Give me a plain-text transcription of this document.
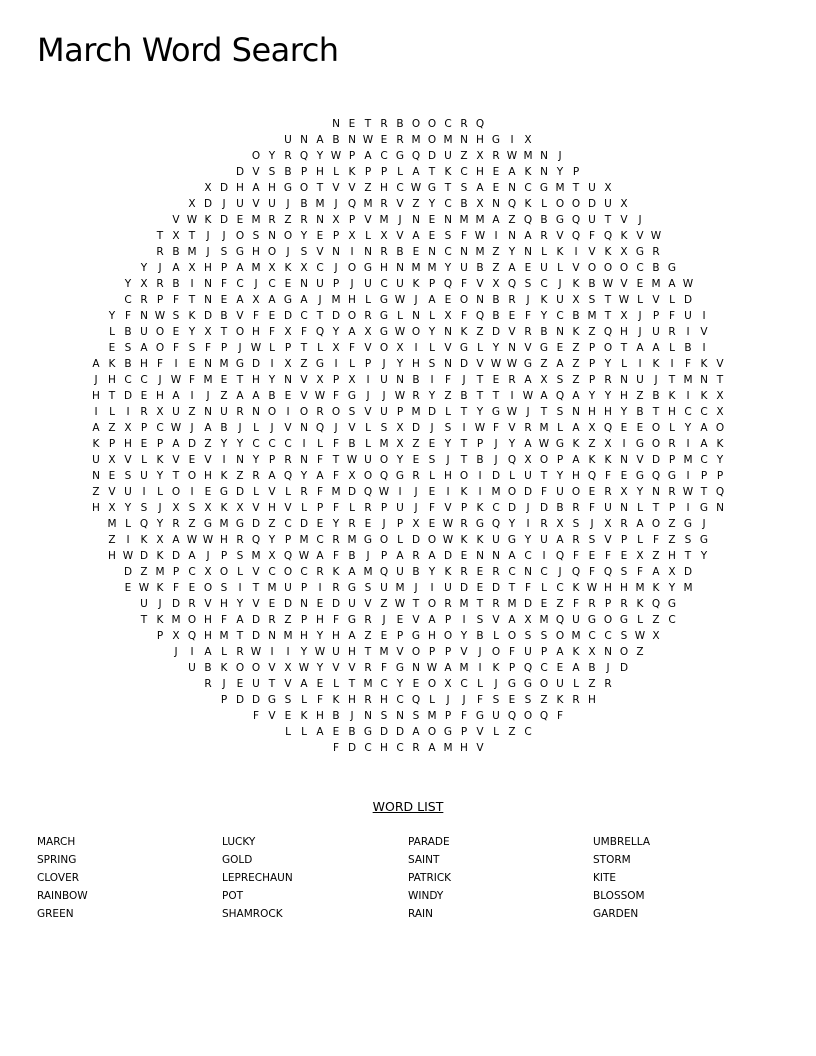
March Word Search
N E T R B O O C R Q
U N A B N W E R M O M N H G I	X
O Y R Q Y W P A C G Q D U Z X R W M N	J
D V S B P H L K P P L A T K C H E A K N Y P
X D H A H G O T V V Z H C W G T S A E N C G M T U X
X D J	U V U	J	B M J Q M R V Z Y C B X N Q K L O O D U X
V W K D E M R Z R N X P V M J	N E N M M A Z Q B G Q U T V	J
T X T	J	J O S N O Y E P X L X V A E S F W I	N A R V Q F Q K V W
R B M J	S G H O J	S V N	I	N R B E N C N M Z Y N L K	I	V K X G R
Y	J	A X H P A M X K X C	J O G H N M M Y U B Z A E U L V O O O C B G
Y X R B	I	N F C	J	C E N U P	J	U C U K P Q F V X Q S C	J	K B W V E M A W
C R P F T N E A X A G A	J M H L G W J	A E O N B R	J	K U X S T W L V L D
Y F N W S K D B V F E D C T D O R G L N L X F Q B E F Y C B M T X	J	P F U	I
L B U O E Y X T O H F X F Q Y A X G W O Y N K Z D V R B N K Z Q H J	U R	I	V
E S A O F S F P	J W L P T L X F V O X	I	L V G L Y N V G E Z P O T A A L B	I
A K B H F	I	E N M G D I	X Z G I	L P	J	Y H S N D V W W G Z A Z P Y L	I	K	I	F K V
J	H C C	J W F M E T H Y N V X P X	I	U N B	I	F	J	T E R A X S Z P R N U	J	T M N T
H T D E H A	I	J	Z A A B E V W F G J	J W R Y Z B T T	I W A Q A Y Y H Z B K	I	K X
I	L	I	R X U Z N U R N O I O R O S V U P M D L T Y G W J	T S N H H Y B T H C C X
A Z X P C W J	A B	J	L	J	V N Q J	V L S X D J	S	I W F V R M L A X Q E E O L Y A O
K P H E P A D Z Y Y C C C	I	L F B L M X Z E Y T P	J	Y A W G K Z X	I G O R	I	A K
U X V L K V E V	I	N Y P R N F T W U O Y E S	J	T B	J Q X O P A K K N V D P M C Y
N E S U Y T O H K Z R A Q Y A F X O Q G R L H O I D L U T Y H Q F E G Q G I	P P
Z V U	I	L O I	E G D L V L R F M D Q W I	J	E	I	K	I M O D F U O E R X Y N R W T Q
H X Y S	J	X S X K X V H V L P F L R P U	J	F V P K C D J D B R F U N L T P	I G N
M L Q Y R Z G M G D Z C D E Y R E	J	P X E W R G Q Y	I	R X S	J	X R A O Z G J
Z	I	K X A W W H R Q Y P M C R M G O L D O W K K U G Y U A R S V P L F Z S G
H W D K D A	J	P S M X Q W A F B	J	P A R A D E N N A C	I Q F E F E X Z H T Y
D Z M P C X O L V C O C R K A M Q U B Y K R E R C N C	J Q F Q S F A X D
E W K F E O S	I	T M U P	I	R G S U M J	I	U D E D T F L C K W H H M K Y M
U	J D R V H Y V E D N E D U V Z W T O R M T R M D E Z F R P R K Q G
T K M O H F A D R Z P H F G R	J	E V A P	I	S V A X M Q U G O G L Z C
P X Q H M T D N M H Y H A Z E P G H O Y B L O S S O M C C S W X
J	I	A L R W I	I	Y W U H T M V O P P V	J O F U P A K X N O Z
U B K O O V X W Y V V R F G N W A M I	K P Q C E A B	J D
R	J	E U T V A E L T M C Y E O X C L	J G G O U L Z R
P D D G S L F K H R H C Q L	J	J	F S E S Z K R H
F V E K H B	J	N S N S M P F G U Q O Q F
L L A E B G D D A O G P V L Z C
F D C H C R A M H V
WORD LIST
MARCH
SPRING
CLOVER
RAINBOW
GREEN
LUCKY
GOLD
LEPRECHAUN
POT
SHAMROCK
PARADE
SAINT
PATRICK
WINDY
RAIN
UMBRELLA
STORM
KITE
BLOSSOM
GARDEN
